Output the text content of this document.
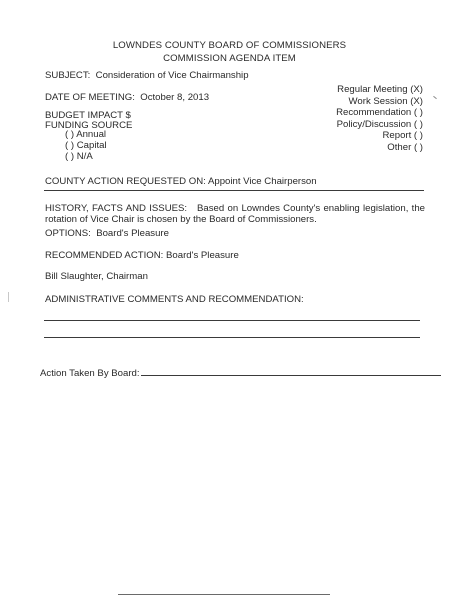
LOWNDES COUNTY BOARD OF COMMISSIONERS
COMMISSION AGENDA ITEM
SUBJECT: Consideration of Vice Chairmanship
DATE OF MEETING: October 8, 2013
Regular Meeting (X)
Work Session (X)
Recommendation ( )
Policy/Discussion ( )
Report ( )
Other ( )
BUDGET IMPACT $
FUNDING SOURCE
( ) Annual
( ) Capital
( ) N/A
COUNTY ACTION REQUESTED ON: Appoint Vice Chairperson
HISTORY, FACTS AND ISSUES: Based on Lowndes County's enabling legislation, the rotation of Vice Chair is chosen by the Board of Commissioners.
OPTIONS: Board's Pleasure
RECOMMENDED ACTION: Board's Pleasure
Bill Slaughter, Chairman
ADMINISTRATIVE COMMENTS AND RECOMMENDATION:
Action Taken By Board:
